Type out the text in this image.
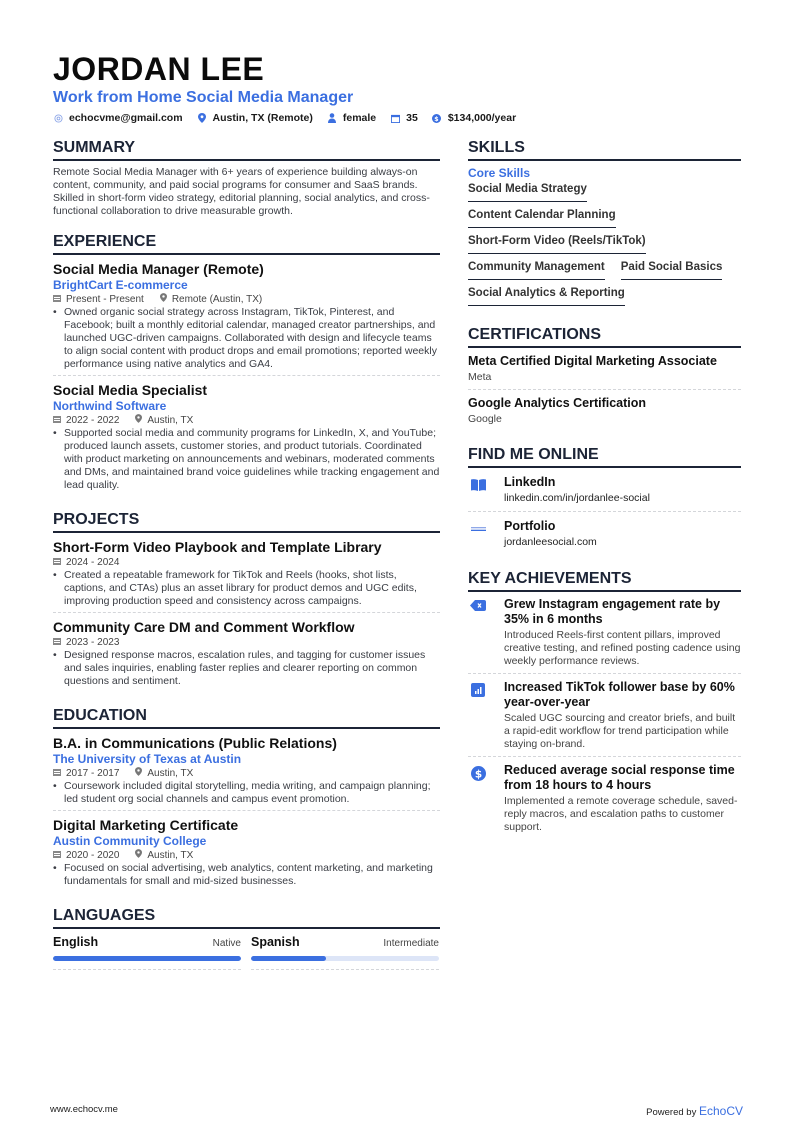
JORDAN LEE
Work from Home Social Media Manager
echocvme@gmail.com	Austin, TX (Remote)	female	35 $ $134,000/year
SUMMARY
Remote Social Media Manager with 6+ years of experience building always-on content, community, and paid social programs for consumer and SaaS brands. Skilled in short-form video strategy, editorial planning, social analytics, and cross-functional collaboration to drive measurable growth.
EXPERIENCE
Social Media Manager (Remote)
BrightCart E-commerce
Present - Present	Remote (Austin, TX)
• Owned organic social strategy across Instagram, TikTok, Pinterest, and Facebook; built a monthly editorial calendar, managed creator partnerships, and launched UGC-driven campaigns. Collaborated with design and lifecycle teams to align social content with product drops and email promotions; reported weekly performance using native analytics and GA4.
Social Media Specialist
Northwind Software
2022 - 2022	Austin, TX
• Supported social media and community programs for LinkedIn, X, and YouTube; produced launch assets, customer stories, and product tutorials. Coordinated with product marketing on announcements and webinars, moderated comments and DMs, and maintained brand voice guidelines while tracking engagement and lead quality.
PROJECTS
Short-Form Video Playbook and Template Library
2024 - 2024
• Created a repeatable framework for TikTok and Reels (hooks, shot lists, captions, and CTAs) plus an asset library for product demos and UGC edits, improving production speed and consistency across campaigns.
Community Care DM and Comment Workflow
2023 - 2023
• Designed response macros, escalation rules, and tagging for customer issues and sales inquiries, enabling faster replies and clearer reporting on common questions and sentiment.
EDUCATION
B.A. in Communications (Public Relations)
The University of Texas at Austin
2017 - 2017	Austin, TX
• Coursework included digital storytelling, media writing, and campaign planning; led student org social channels and campus event promotion.
Digital Marketing Certificate
Austin Community College
2020 - 2020	Austin, TX
• Focused on social advertising, web analytics, content marketing, and marketing fundamentals for small and mid-sized businesses.
LANGUAGES
English	Native Spanish	Intermediate
SKILLS
Core Skills
Social Media Strategy
Content Calendar Planning
Short-Form Video (Reels/TikTok)
Community Management Paid Social Basics
Social Analytics & Reporting
CERTIFICATIONS
Meta Certified Digital Marketing Associate
Meta
Google Analytics Certification
Google
FIND ME ONLINE
LinkedIn
linkedin.com/in/jordanlee-social
Portfolio
jordanleesocial.com
KEY ACHIEVEMENTS
Grew Instagram engagement rate by 35% in 6 months
Introduced Reels-first content pillars, improved creative testing, and refined posting cadence using weekly performance reviews.
Increased TikTok follower base by 60% year-over-year
Scaled UGC sourcing and creator briefs, and built a rapid-edit workflow for trend participation while staying on-brand.
$ Reduced average social response time from 18 hours to 4 hours
Implemented a remote coverage schedule, saved-reply macros, and escalation paths to customer support.
www.echocv.me	Powered by EchoCV
